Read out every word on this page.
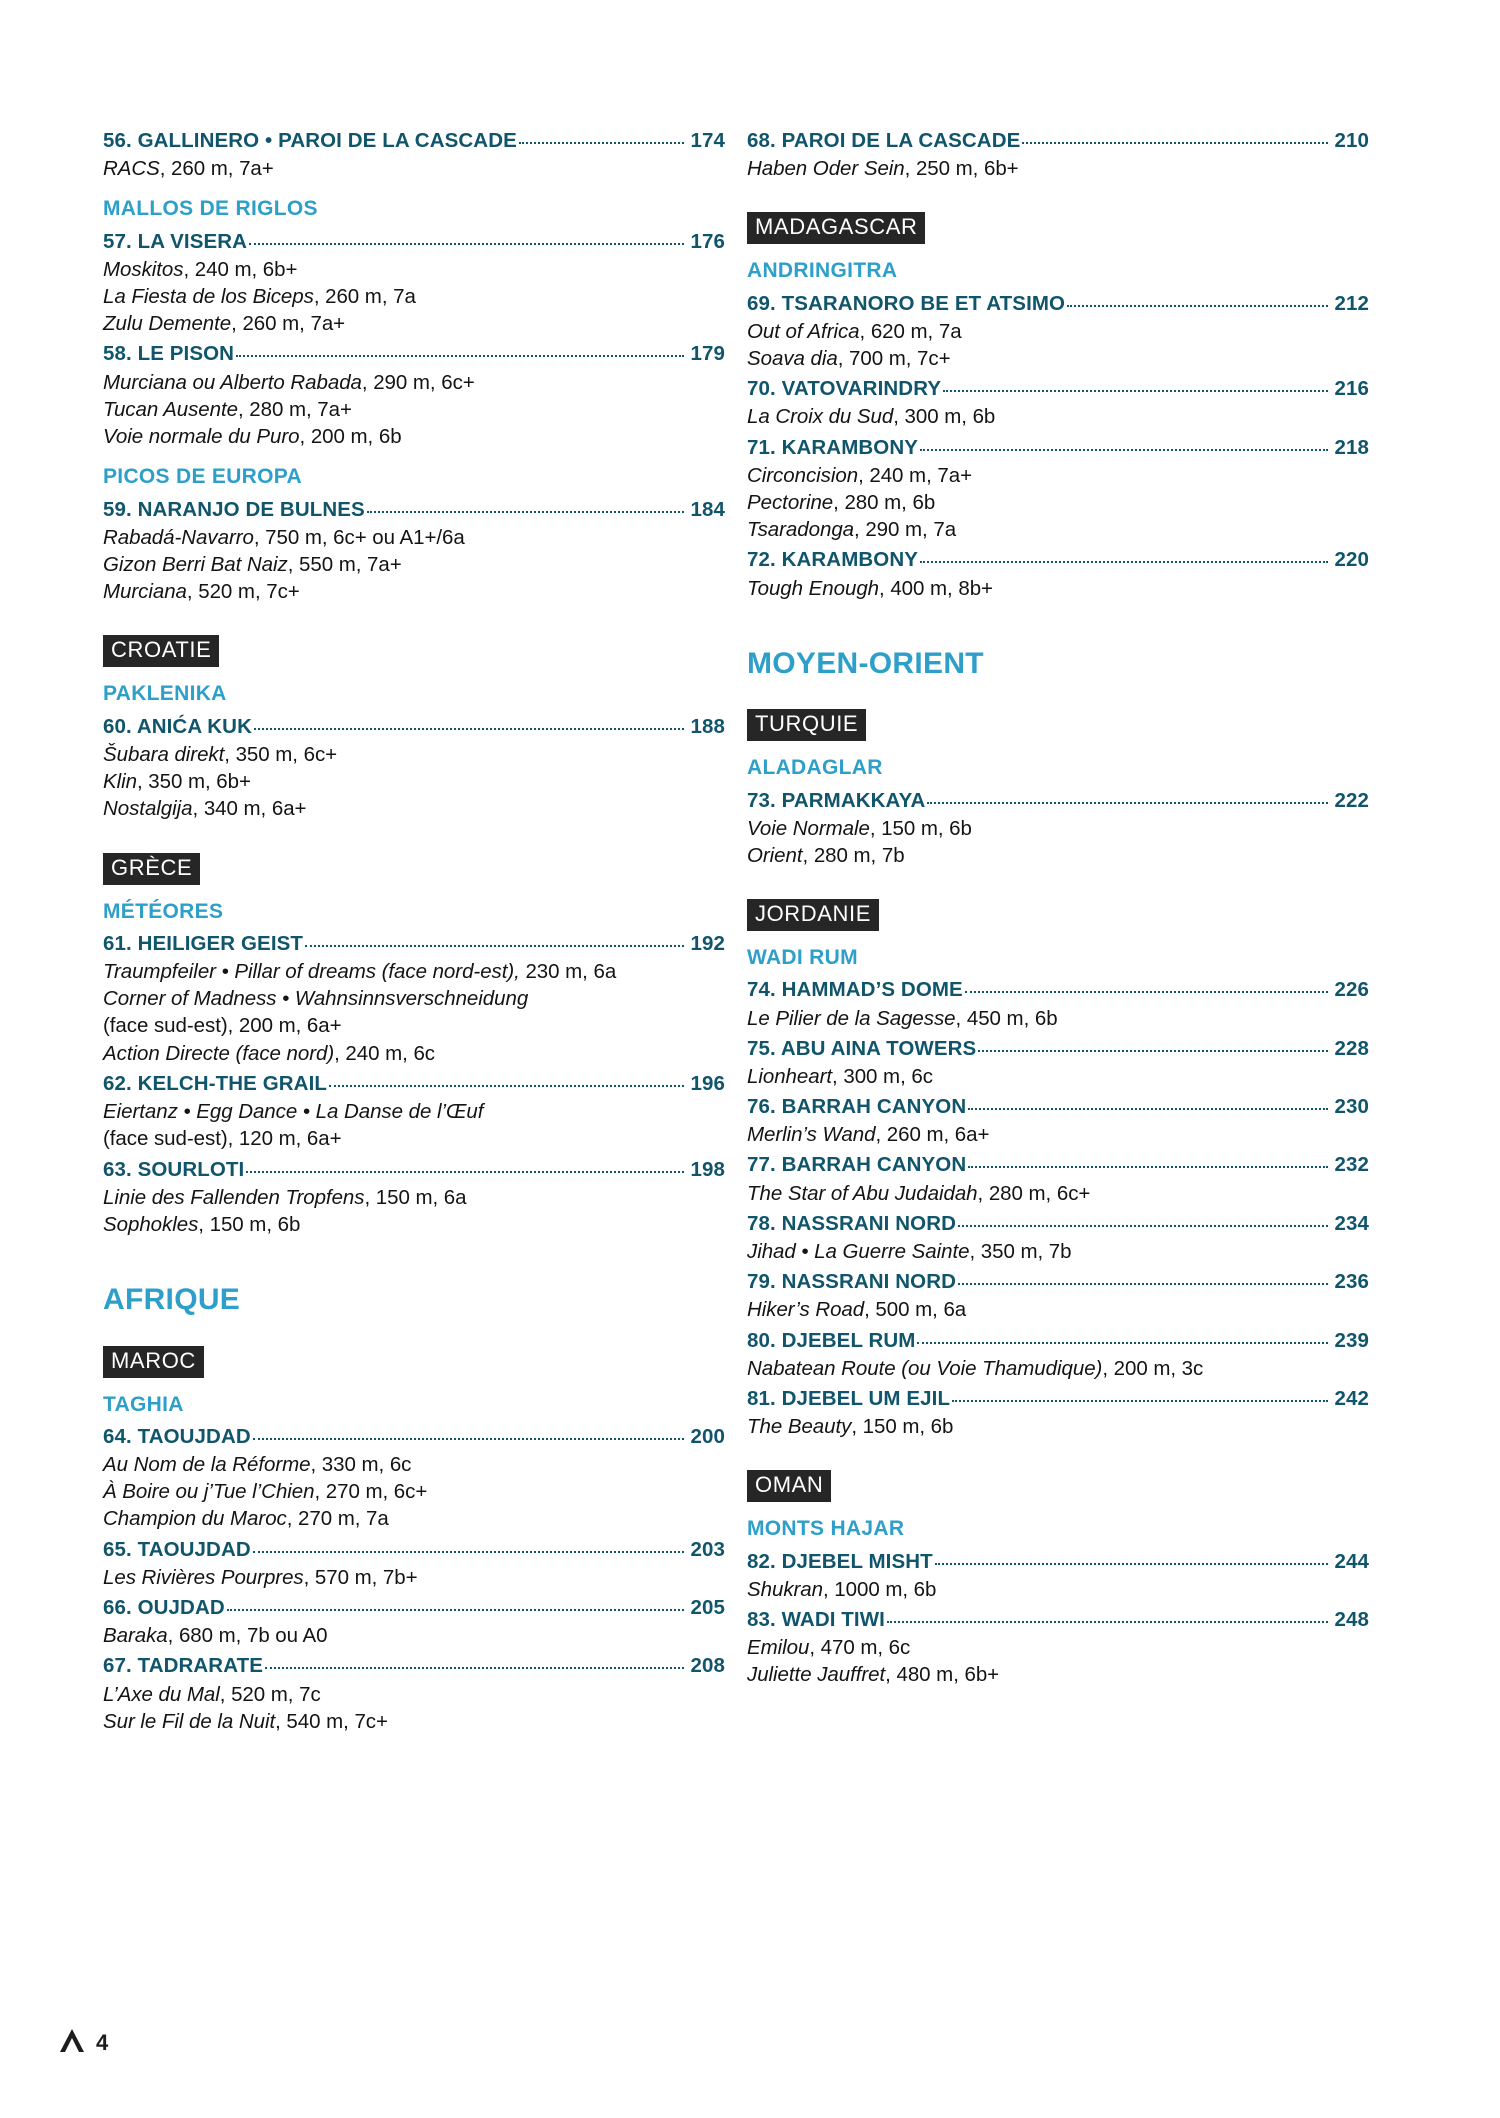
56. GALLINERO • PAROI DE LA CASCADE	174
RACS, 260 m, 7a+
MALLOS DE RIGLOS
57. LA VISERA	176
Moskitos, 240 m, 6b+
La Fiesta de los Biceps, 260 m, 7a
Zulu Demente, 260 m, 7a+
58. LE PISON	179
Murciana ou Alberto Rabada, 290 m, 6c+
Tucan Ausente, 280 m, 7a+
Voie normale du Puro, 200 m, 6b
PICOS DE EUROPA
59. NARANJO DE BULNES	184
Rabadá-Navarro, 750 m, 6c+ ou A1+/6a
Gizon Berri Bat Naiz, 550 m, 7a+
Murciana, 520 m, 7c+
CROATIE
PAKLENIKA
60. ANIĆA KUK	188
Šubara direkt, 350 m, 6c+
Klin, 350 m, 6b+
Nostalgija, 340 m, 6a+
GRÈCE
MÉTÉORES
61. HEILIGER GEIST	192
Traumpfeiler • Pillar of dreams (face nord-est), 230 m, 6a
Corner of Madness • Wahnsinnsverschneidung
(face sud-est), 200 m, 6a+
Action Directe (face nord), 240 m, 6c
62. KELCH-THE GRAIL	196
Eiertanz • Egg Dance • La Danse de l’Œuf
(face sud-est), 120 m, 6a+
63. SOURLOTI	198
Linie des Fallenden Tropfens, 150 m, 6a
Sophokles, 150 m, 6b
AFRIQUE
MAROC
TAGHIA
64. TAOUJDAD	200
Au Nom de la Réforme, 330 m, 6c
À Boire ou j’Tue l’Chien, 270 m, 6c+
Champion du Maroc, 270 m, 7a
65. TAOUJDAD	203
Les Rivières Pourpres, 570 m, 7b+
66. OUJDAD	205
Baraka, 680 m, 7b ou A0
67. TADRARATE	208
L’Axe du Mal, 520 m, 7c
Sur le Fil de la Nuit, 540 m, 7c+
68. PAROI DE LA CASCADE	210
Haben Oder Sein, 250 m, 6b+
MADAGASCAR
ANDRINGITRA
69. TSARANORO BE ET ATSIMO	212
Out of Africa, 620 m, 7a
Soava dia, 700 m, 7c+
70. VATOVARINDRY	216
La Croix du Sud, 300 m, 6b
71. KARAMBONY	218
Circoncision, 240 m, 7a+
Pectorine, 280 m, 6b
Tsaradonga, 290 m, 7a
72. KARAMBONY	220
Tough Enough, 400 m, 8b+
MOYEN-ORIENT
TURQUIE
ALADAGLAR
73. PARMAKKAYA	222
Voie Normale, 150 m, 6b
Orient, 280 m, 7b
JORDANIE
WADI RUM
74. HAMMAD’S DOME	226
Le Pilier de la Sagesse, 450 m, 6b
75. ABU AINA TOWERS	228
Lionheart, 300 m, 6c
76. BARRAH CANYON	230
Merlin’s Wand, 260 m, 6a+
77. BARRAH CANYON	232
The Star of Abu Judaidah, 280 m, 6c+
78. NASSRANI NORD	234
Jihad • La Guerre Sainte, 350 m, 7b
79. NASSRANI NORD	236
Hiker’s Road, 500 m, 6a
80. DJEBEL RUM	239
Nabatean Route (ou Voie Thamudique), 200 m, 3c
81. DJEBEL UM EJIL	242
The Beauty, 150 m, 6b
OMAN
MONTS HAJAR
82. DJEBEL MISHT	244
Shukran, 1000 m, 6b
83. WADI TIWI	248
Emilou, 470 m, 6c
Juliette Jauffret, 480 m, 6b+
4
